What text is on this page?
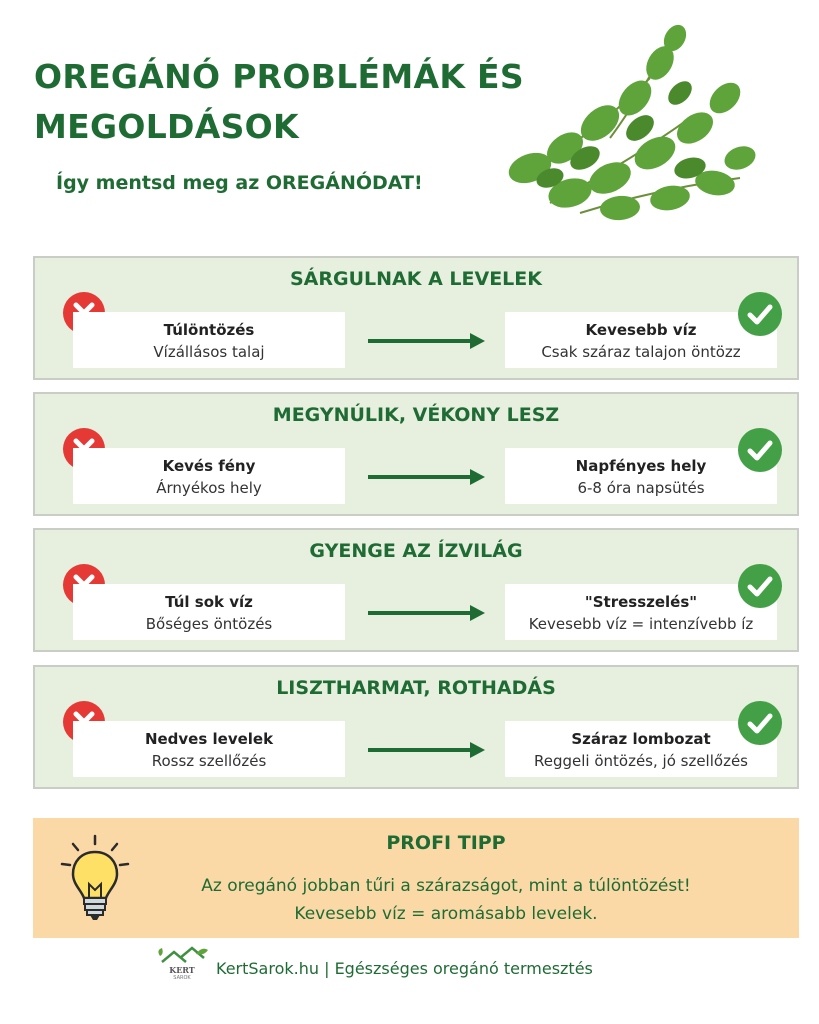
OREGÁNÓ PROBLÉMÁK ÉS
MEGOLDÁSOK
Így mentsd meg az OREGÁNÓDAT!
SÁRGULNAK A LEVELEK
Túlöntözés
Vízállásos talaj
Kevesebb víz
Csak száraz talajon öntözz
MEGYNÚLIK, VÉKONY LESZ
Kevés fény
Árnyékos hely
Napfényes hely
6-8 óra napsütés
GYENGE AZ ÍZVILÁG
Túl sok víz
Bőséges öntözés
"Stresszelés"
Kevesebb víz = intenzívebb íz
LISZTHARMAT, ROTHADÁS
Nedves levelek
Rossz szellőzés
Száraz lombozat
Reggeli öntözés, jó szellőzés
PROFI TIPP
Az oregánó jobban tűri a szárazságot, mint a túlöntözést!
Kevesebb víz = aromásabb levelek.
KERT
SAROK	KertSarok.hu | Egészséges oregánó termesztés
